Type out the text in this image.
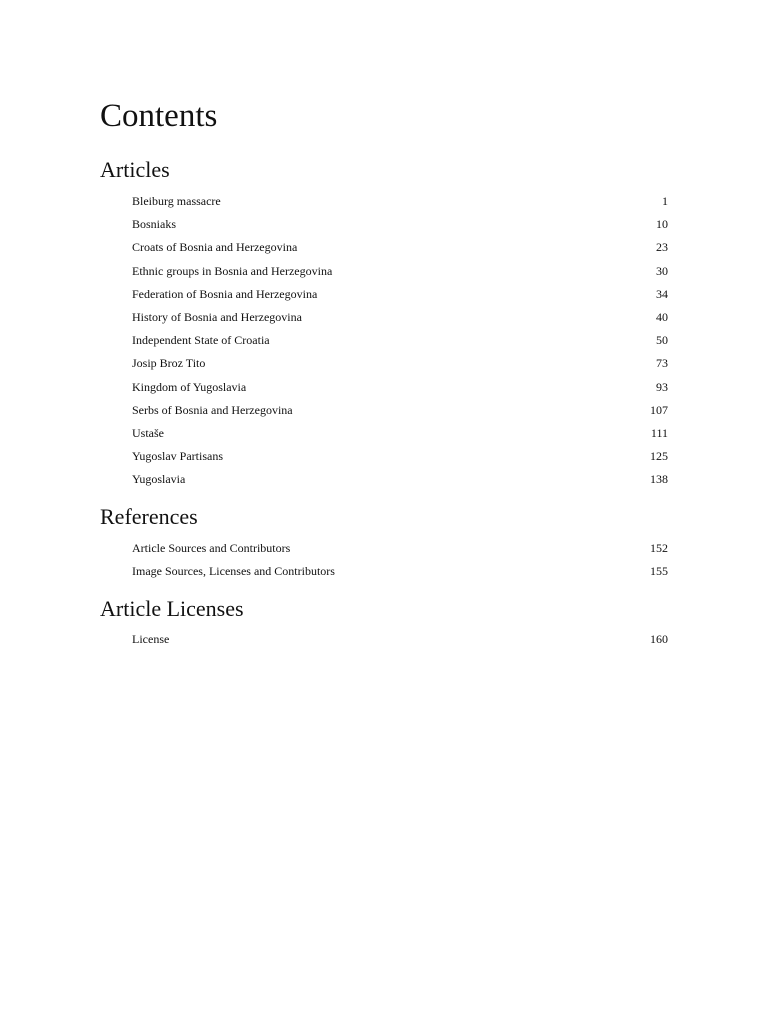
Contents
Articles
Bleiburg massacre	1
Bosniaks	10
Croats of Bosnia and Herzegovina	23
Ethnic groups in Bosnia and Herzegovina	30
Federation of Bosnia and Herzegovina	34
History of Bosnia and Herzegovina	40
Independent State of Croatia	50
Josip Broz Tito	73
Kingdom of Yugoslavia	93
Serbs of Bosnia and Herzegovina	107
Ustaše	111
Yugoslav Partisans	125
Yugoslavia	138
References
Article Sources and Contributors	152
Image Sources, Licenses and Contributors	155
Article Licenses
License	160
